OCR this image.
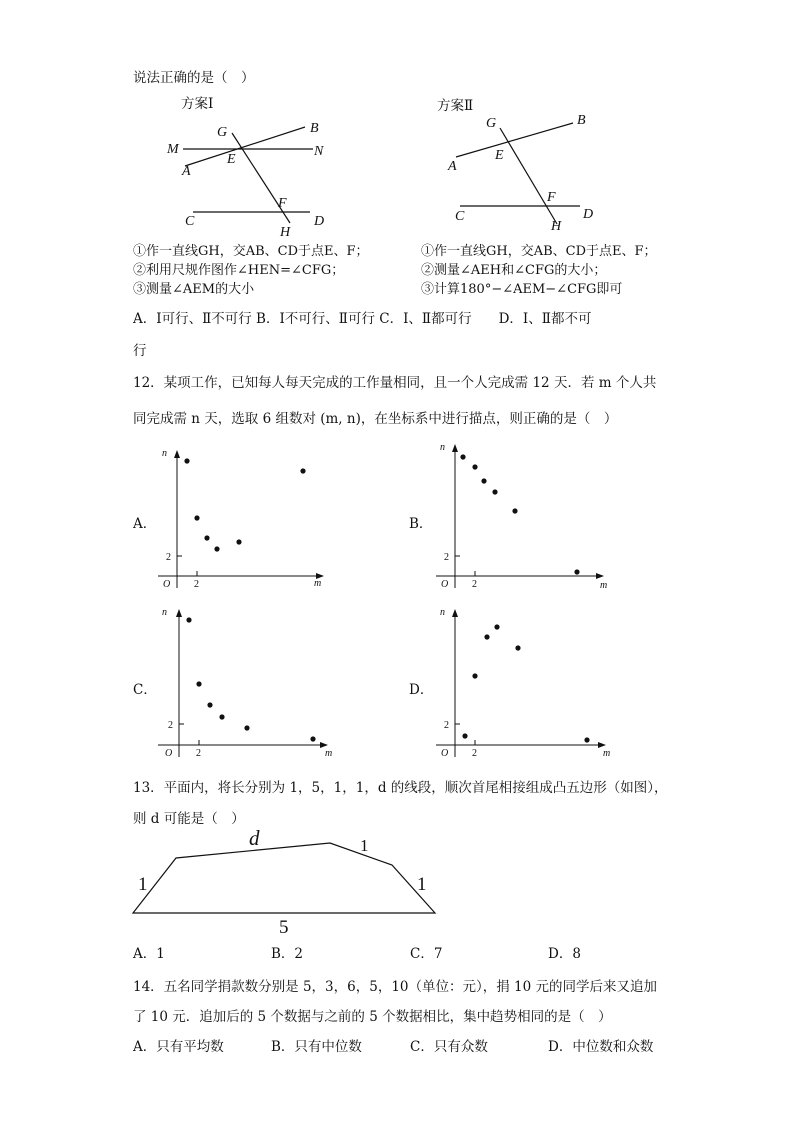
说法正确的是（　）
方案Ⅰ	方案Ⅱ
G	B
M	N
E
A
F
C	D
H
G	B
A
E
F
C	D
H
①作一直线GH，交AB、CD于点E、F；
②利用尺规作图作∠HEN=∠CFG；
③测量∠AEM的大小
①作一直线GH，交AB、CD于点E、F；
②测量∠AEH和∠CFG的大小；
③计算180°−∠AEM−∠CFG即可
A．Ⅰ可行、Ⅱ不可行 B．Ⅰ不可行、Ⅱ可行 C．Ⅰ、Ⅱ都可行　　D．Ⅰ、Ⅱ都不可
行
12．某项工作，已知每人每天完成的工作量相同，且一个人完成需 12 天．若 m 个人共
同完成需 n 天，选取 6 组数对 (m, n)，在坐标系中进行描点，则正确的是（　）
A．	B．
C．	D．
O 2
2
m
n
O 2
2
m
n
O 2
2
m
n
O 2
2
m
n
13．平面内，将长分别为 1，5，1，1，d 的线段，顺次首尾相接组成凸五边形（如图），
则 d 可能是（　）
d	1
1	1
5
A．1	B．2	C．7	D．8
14．五名同学捐款数分别是 5，3，6，5，10（单位：元），捐 10 元的同学后来又追加
了 10 元．追加后的 5 个数据与之前的 5 个数据相比，集中趋势相同的是（　）
A．只有平均数	B．只有中位数	C．只有众数	D．中位数和众数
